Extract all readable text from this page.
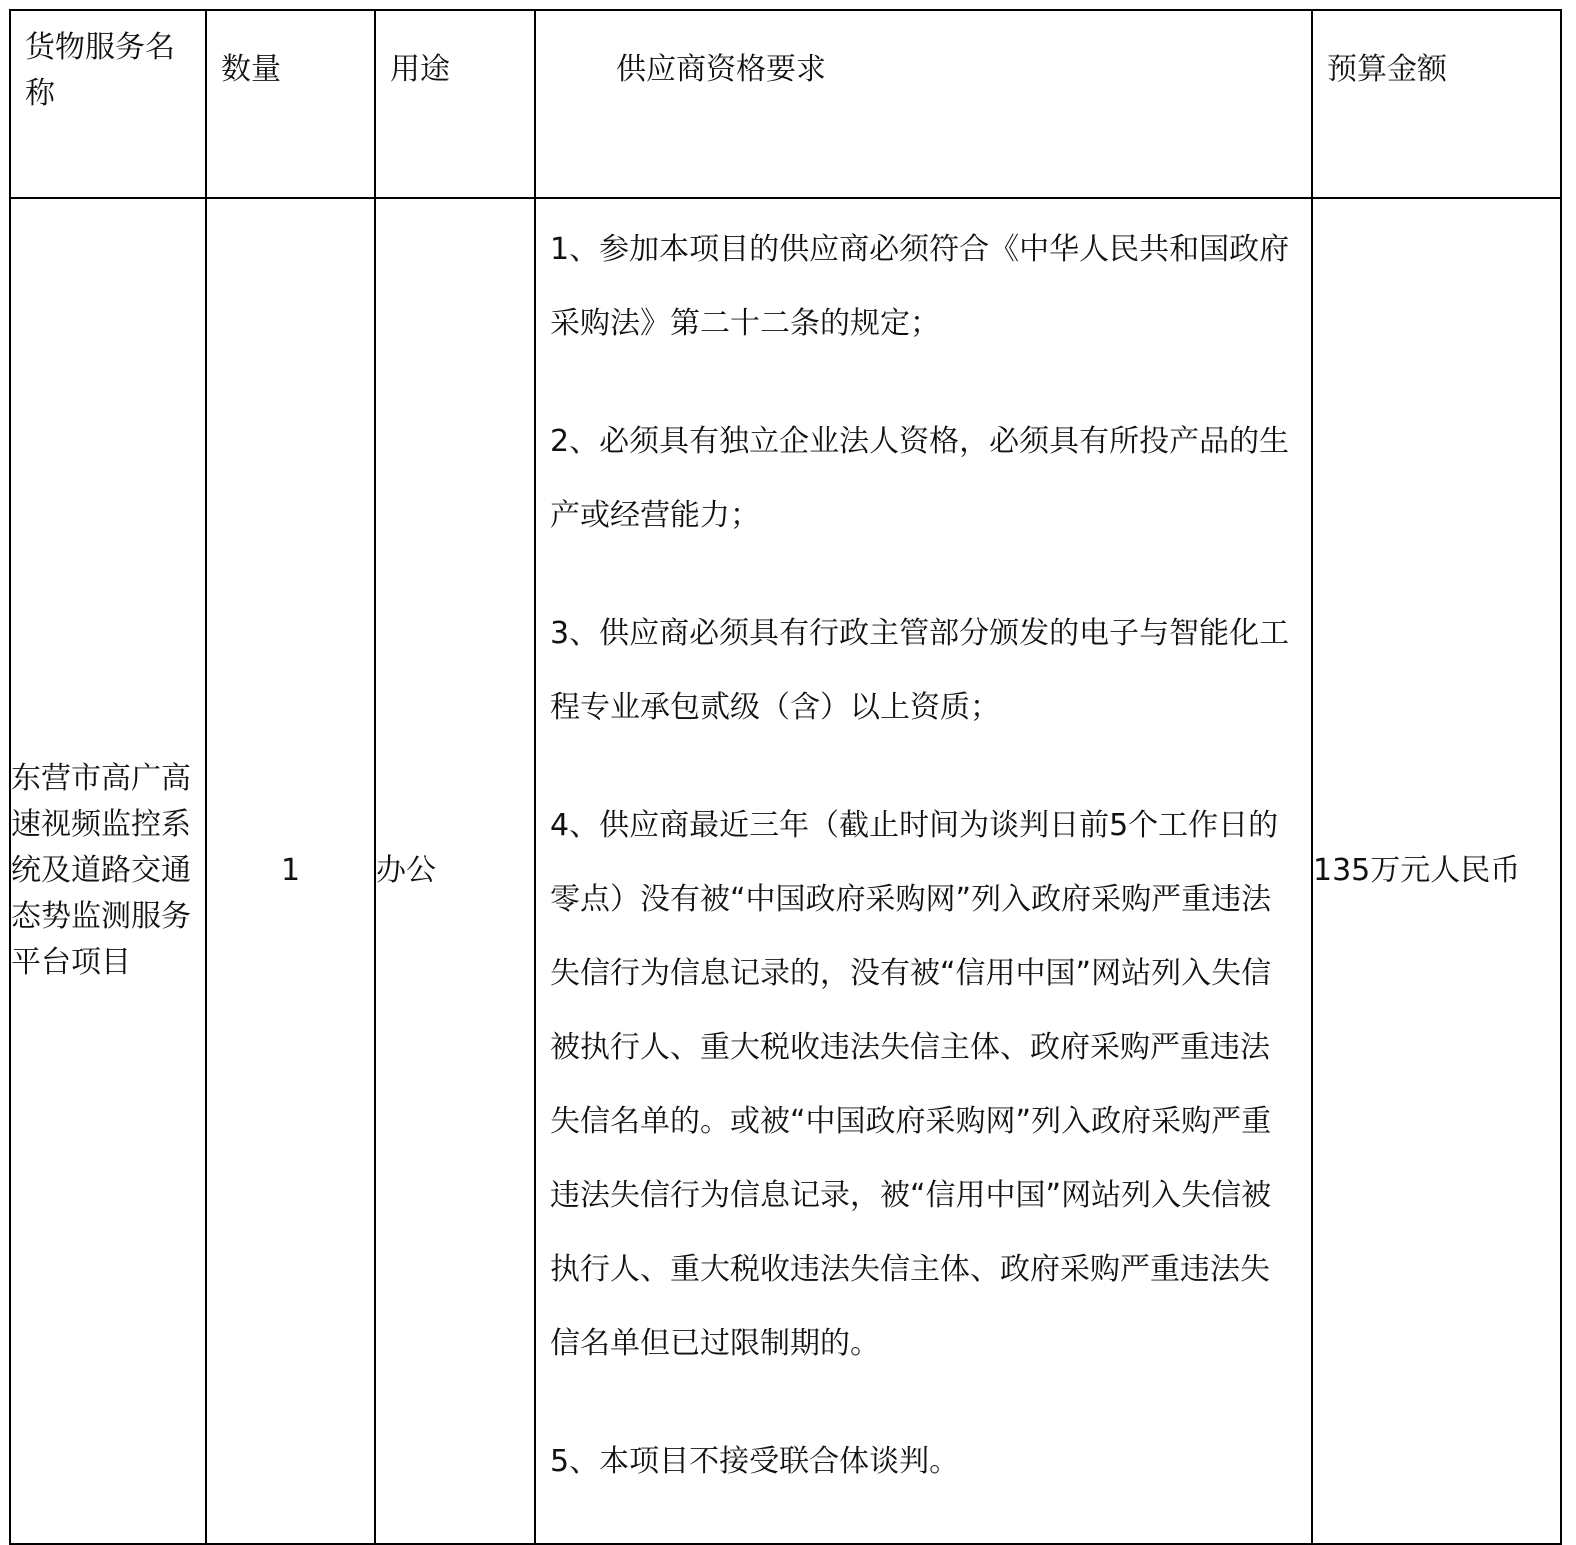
货物服务名称	数量	用途	供应商资格要求	预算金额
东营市高广高速视频监控系统及道路交通态势监测服务平台项目	1	办公	1、参加本项目的供应商必须符合《中华人民共和国政府采购法》第二十二条的规定；
2、必须具有独立企业法人资格，必须具有所投产品的生产或经营能力；
3、供应商必须具有行政主管部分颁发的电子与智能化工程专业承包贰级（含）以上资质；
4、供应商最近三年（截止时间为谈判日前5个工作日的零点）没有被“中国政府采购网”列入政府采购严重违法失信行为信息记录的，没有被“信用中国”网站列入失信被执行人、重大税收违法失信主体、政府采购严重违法失信名单的。或被“中国政府采购网”列入政府采购严重违法失信行为信息记录，被“信用中国”网站列入失信被执行人、重大税收违法失信主体、政府采购严重违法失信名单但已过限制期的。
5、本项目不接受联合体谈判。	135万元人民币
